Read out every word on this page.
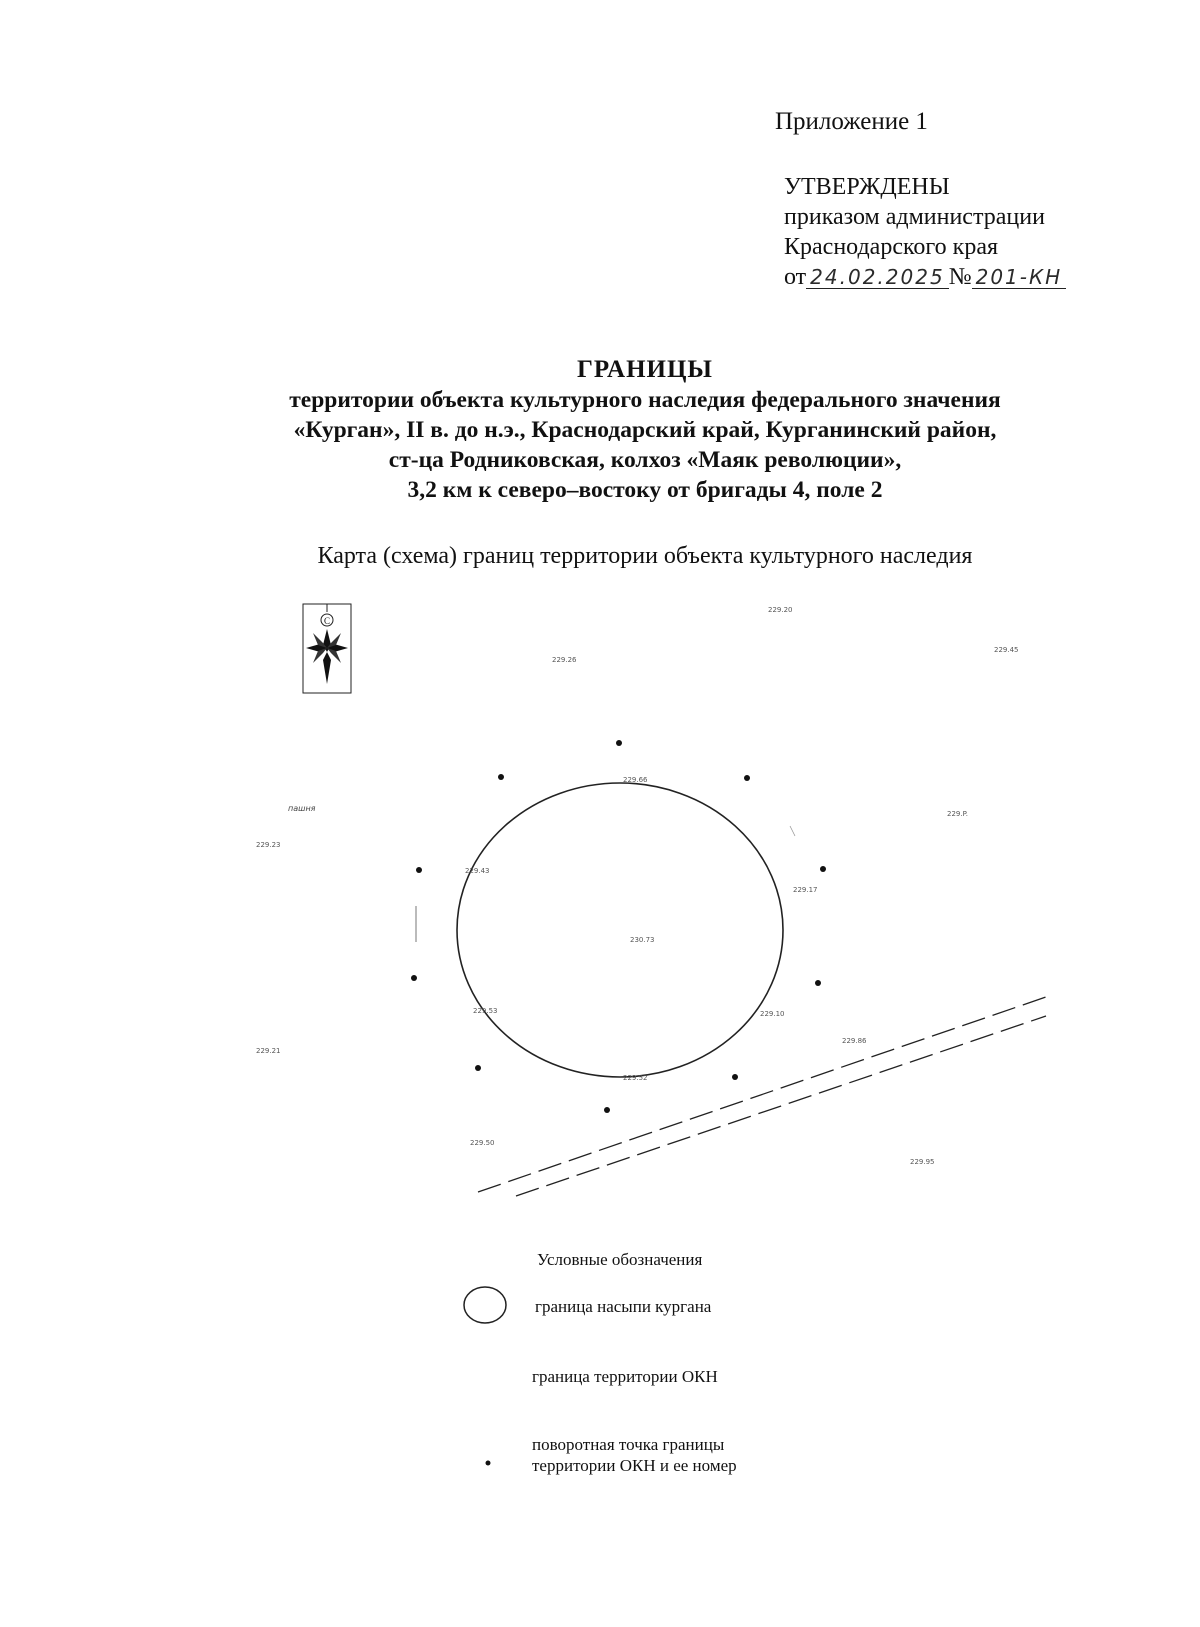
Приложение 1
УТВЕРЖДЕНЫ
приказом администрации
Краснодарского края
от 24.02.2025 № 201-КН
ГРАНИЦЫ
территории объекта культурного наследия федерального значения
«Курган», II в. до н.э., Краснодарский край, Курганинский район,
ст-ца Родниковская, колхоз «Маяк революции»,
3,2 км к северо–востоку от бригады 4, поле 2
Карта (схема) границ территории объекта культурного наследия
С
229.20
229.26
229.45
229.66
пашня
229.P.
229.23
229.43
229.17
230.73
229.53	229.10
229.86
229.21
229.52
229.50
229.95
Условные обозначения
граница насыпи кургана
граница территории ОКН
поворотная точка границы
территории ОКН и ее номер
